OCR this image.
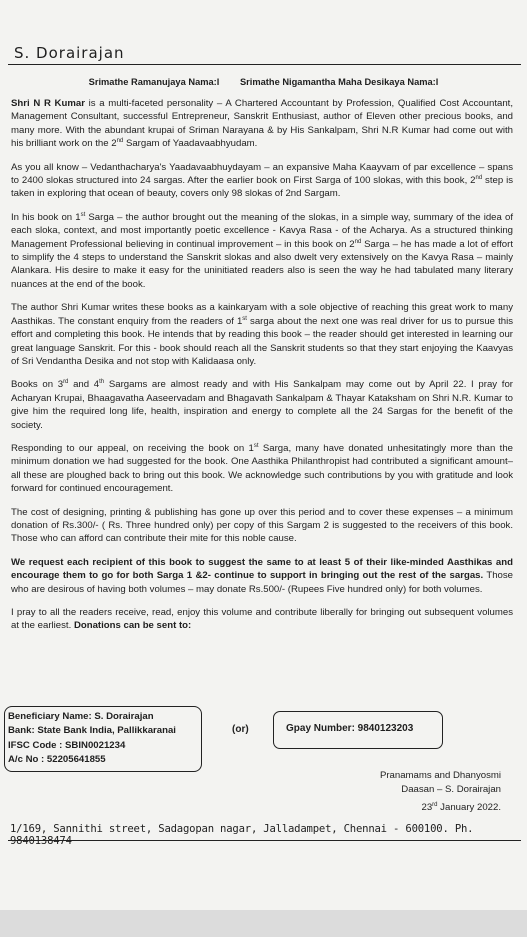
S. Dorairajan
Srimathe Ramanujaya Nama:l Srimathe Nigamantha Maha Desikaya Nama:l

Shri N R Kumar is a multi-faceted personality – A Chartered Accountant by Profession, Qualified Cost Accountant, Management Consultant, successful Entrepreneur, Sanskrit Enthusiast, author of Eleven other precious books, and many more. With the abundant krupai of Sriman Narayana & by His Sankalpam, Shri N.R Kumar had come out with his brilliant work on the 2nd Sargam of Yaadavaabhyudam.

As you all know – Vedanthacharya's Yaadavaabhuydayam – an expansive Maha Kaayvam of par excellence – spans to 2400 slokas structured into 24 sargas. After the earlier book on First Sarga of 100 slokas, with this book, 2nd step is taken in exploring that ocean of beauty, covers only 98 slokas of 2nd Sargam.

In his book on 1st Sarga – the author brought out the meaning of the slokas, in a simple way, summary of the idea of each sloka, context, and most importantly poetic excellence - Kavya Rasa - of the Acharya. As a structured thinking Management Professional believing in continual improvement – in this book on 2nd Sarga – he has made a lot of effort to simplify the 4 steps to understand the Sanskrit slokas and also dwelt very extensively on the Kavya Rasa – mainly Alankara. His desire to make it easy for the uninitiated readers also is seen the way he had tabulated many literary nuances at the end of the book.

The author Shri Kumar writes these books as a kainkaryam with a sole objective of reaching this great work to many Aasthikas. The constant enquiry from the readers of 1st sarga about the next one was real driver for us to pursue this effort and completing this book. He intends that by reading this book – the reader should get interested in learning our great language Sanskrit. For this - book should reach all the Sanskrit students so that they start enjoying the Kaavyas of Sri Vendantha Desika and not stop with Kalidaasa only.

Books on 3rd and 4th Sargams are almost ready and with His Sankalpam may come out by April 22. I pray for Acharyan Krupai, Bhaagavatha Aaseervadam and Bhagavath Sankalpam & Thayar Kataksham on Shri N.R. Kumar to give him the required long life, health, inspiration and energy to complete all the 24 Sargas for the benefit of the society.

Responding to our appeal, on receiving the book on 1st Sarga, many have donated unhesitatingly more than the minimum donation we had suggested for the book. One Aasthika Philanthropist had contributed a significant amount– all these are ploughed back to bring out this book. We acknowledge such contributions by you with gratitude and look forward for continued encouragement.

The cost of designing, printing & publishing has gone up over this period and to cover these expenses – a minimum donation of Rs.300/- ( Rs. Three hundred only) per copy of this Sargam 2 is suggested to the receivers of this book. Those who can afford can contribute their mite for this noble cause.

We request each recipient of this book to suggest the same to at least 5 of their like-minded Aasthikas and encourage them to go for both Sarga 1 &2- continue to support in bringing out the rest of the sargas. Those who are desirous of having both volumes – may donate Rs.500/- (Rupees Five hundred only) for both volumes.

I pray to all the readers receive, read, enjoy this volume and contribute liberally for bringing out subsequent volumes at the earliest. Donations can be sent to:

Beneficiary Name: S. Dorairajan
Bank: State Bank India, Pallikkaranai
IFSC Code : SBIN0021234
A/c No : 52205641855
(or)	Gpay Number: 9840123203
Pranamams and Dhanyosmi
Daasan – S. Dorairajan
23rd January 2022.
1/169, Sannithi street, Sadagopan nagar, Jalladampet, Chennai - 600100. Ph. 9840138474
